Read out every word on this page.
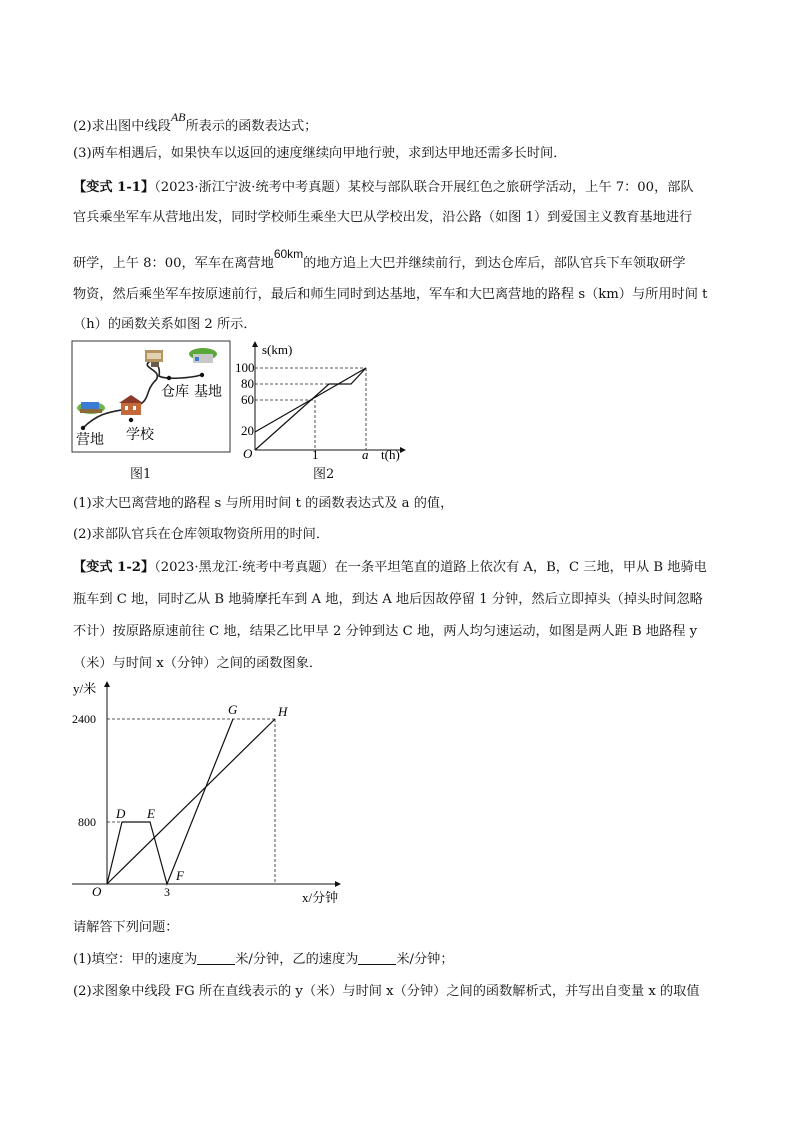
(2)求出图中线段AB所表示的函数表达式；
(3)两车相遇后，如果快车以返回的速度继续向甲地行驶，求到达甲地还需多长时间．
【变式 1-1】（2023·浙江宁波·统考中考真题）某校与部队联合开展红色之旅研学活动，上午 7：00，部队
官兵乘坐军车从营地出发，同时学校师生乘坐大巴从学校出发，沿公路（如图 1）到爱国主义教育基地进行
研学，上午 8：00，军车在离营地60km的地方追上大巴并继续前行，到达仓库后，部队官兵下车领取研学
物资，然后乘坐军车按原速前行，最后和师生同时到达基地，军车和大巴离营地的路程 s（km）与所用时间 t
（h）的函数关系如图 2 所示．
营地 学校
仓库 基地
图1
s(km)
100
80
60
20
O	1	a t(h)
图2
(1)求大巴离营地的路程 s 与所用时间 t 的函数表达式及 a 的值，
(2)求部队官兵在仓库领取物资所用的时间．
【变式 1-2】（2023·黑龙江·统考中考真题）在一条平坦笔直的道路上依次有 A，B，C 三地，甲从 B 地骑电
瓶车到 C 地，同时乙从 B 地骑摩托车到 A 地，到达 A 地后因故停留 1 分钟，然后立即掉头（掉头时间忽略
不计）按原路原速前往 C 地，结果乙比甲早 2 分钟到达 C 地，两人均匀速运动，如图是两人距 B 地路程 y
（米）与时间 x（分钟）之间的函数图象．
y/米
2400
800
O	3
D E
F
G	H
x/分钟
请解答下列问题：
(1)填空：甲的速度为	米/分钟，乙的速度为	米/分钟；
(2)求图象中线段 FG 所在直线表示的 y（米）与时间 x（分钟）之间的函数解析式，并写出自变量 x 的取值
